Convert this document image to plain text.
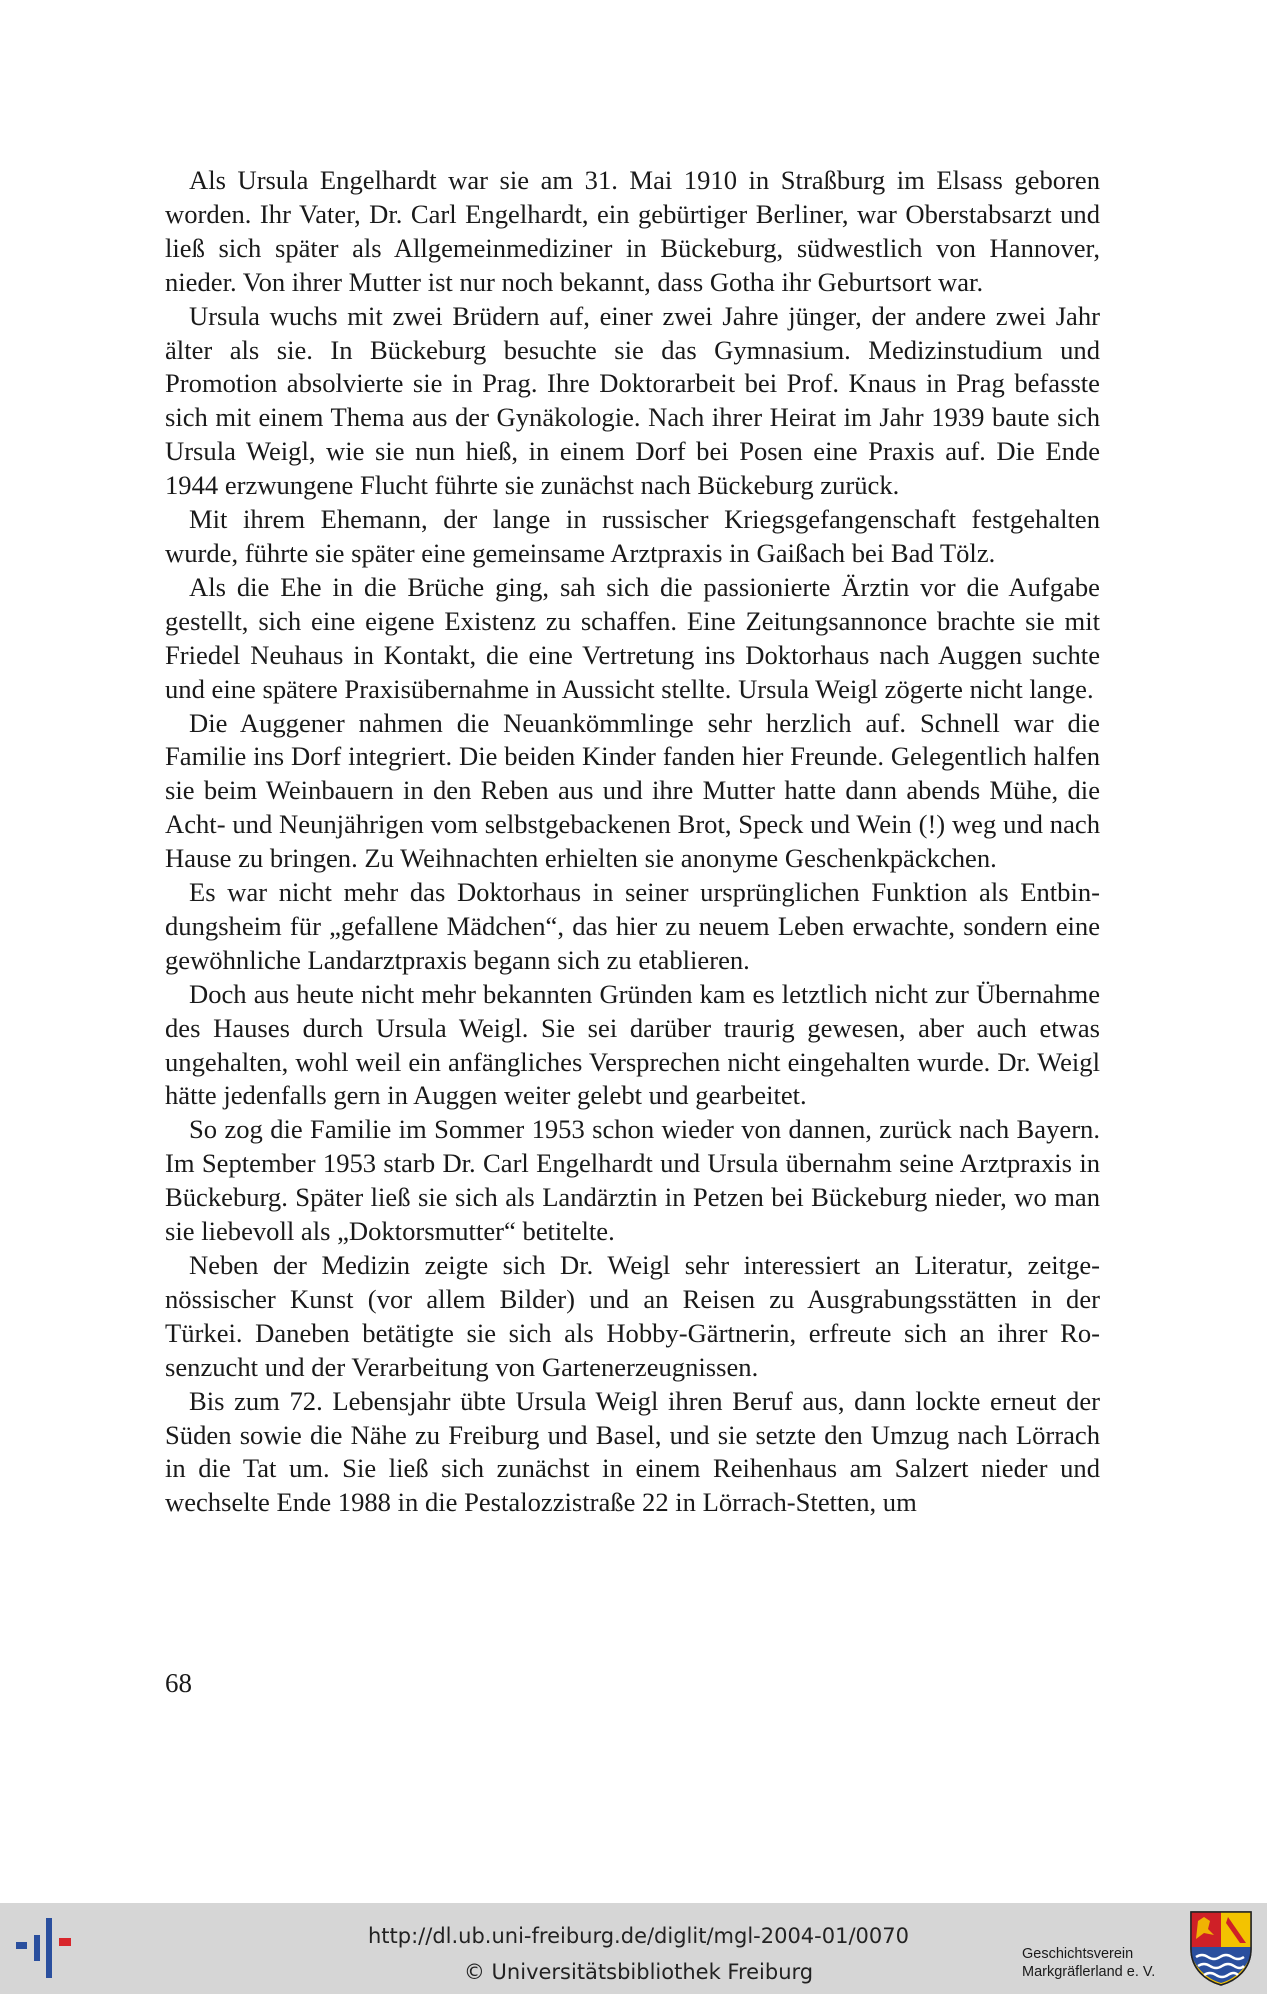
Als Ursula Engelhardt war sie am 31. Mai 1910 in Straßburg im Elsass geboren worden. Ihr Vater, Dr. Carl Engelhardt, ein gebürtiger Berliner, war Oberstabsarzt und ließ sich später als Allgemeinmediziner in Bückeburg, südwestlich von Hannover, nieder. Von ihrer Mutter ist nur noch bekannt, dass Gotha ihr Geburtsort war.

Ursula wuchs mit zwei Brüdern auf, einer zwei Jahre jünger, der andere zwei Jahr älter als sie. In Bückeburg besuchte sie das Gymnasium. Medizinstudium und Promotion absolvierte sie in Prag. Ihre Doktorarbeit bei Prof. Knaus in Prag befasste sich mit einem Thema aus der Gynäkologie. Nach ihrer Heirat im Jahr 1939 baute sich Ursula Weigl, wie sie nun hieß, in einem Dorf bei Posen eine Praxis auf. Die Ende 1944 erzwungene Flucht führte sie zunächst nach Bückeburg zurück.

Mit ihrem Ehemann, der lange in russischer Kriegsgefangenschaft festgehalten wurde, führte sie später eine gemeinsame Arztpraxis in Gaißach bei Bad Tölz.

Als die Ehe in die Brüche ging, sah sich die passionierte Ärztin vor die Aufgabe gestellt, sich eine eigene Existenz zu schaffen. Eine Zeitungsannonce brachte sie mit Friedel Neuhaus in Kontakt, die eine Vertretung ins Doktorhaus nach Auggen suchte und eine spätere Praxisübernahme in Aussicht stellte. Ursula Weigl zögerte nicht lange.

Die Auggener nahmen die Neuankömmlinge sehr herzlich auf. Schnell war die Familie ins Dorf integriert. Die beiden Kinder fanden hier Freunde. Gelegentlich halfen sie beim Weinbauern in den Reben aus und ihre Mutter hatte dann abends Mühe, die Acht- und Neunjährigen vom selbstgebackenen Brot, Speck und Wein (!) weg und nach Hause zu bringen. Zu Weihnachten erhielten sie anonyme Geschenkpäckchen.

Es war nicht mehr das Doktorhaus in seiner ursprünglichen Funktion als Entbindungsheim für „gefallene Mädchen“, das hier zu neuem Leben erwachte, sondern eine gewöhnliche Landarztpraxis begann sich zu etablieren.

Doch aus heute nicht mehr bekannten Gründen kam es letztlich nicht zur Übernahme des Hauses durch Ursula Weigl. Sie sei darüber traurig gewesen, aber auch etwas ungehalten, wohl weil ein anfängliches Versprechen nicht eingehalten wurde. Dr. Weigl hätte jedenfalls gern in Auggen weiter gelebt und gearbeitet.

So zog die Familie im Sommer 1953 schon wieder von dannen, zurück nach Bayern. Im September 1953 starb Dr. Carl Engelhardt und Ursula übernahm seine Arztpraxis in Bückeburg. Später ließ sie sich als Landärztin in Petzen bei Bückeburg nieder, wo man sie liebevoll als „Doktorsmutter“ betitelte.

Neben der Medizin zeigte sich Dr. Weigl sehr interessiert an Literatur, zeitgenössischer Kunst (vor allem Bilder) und an Reisen zu Ausgrabungsstätten in der Türkei. Daneben betätigte sie sich als Hobby-Gärtnerin, erfreute sich an ihrer Rosenzucht und der Verarbeitung von Gartenerzeugnissen.

Bis zum 72. Lebensjahr übte Ursula Weigl ihren Beruf aus, dann lockte erneut der Süden sowie die Nähe zu Freiburg und Basel, und sie setzte den Umzug nach Lörrach in die Tat um. Sie ließ sich zunächst in einem Reihenhaus am Salzert nieder und wechselte Ende 1988 in die Pestalozzistraße 22 in Lörrach-Stetten, um

68
http://dl.ub.uni-freiburg.de/diglit/mgl-2004-01/0070
© Universitätsbibliothek Freiburg
Geschichtsverein
Markgräflerland e. V.
